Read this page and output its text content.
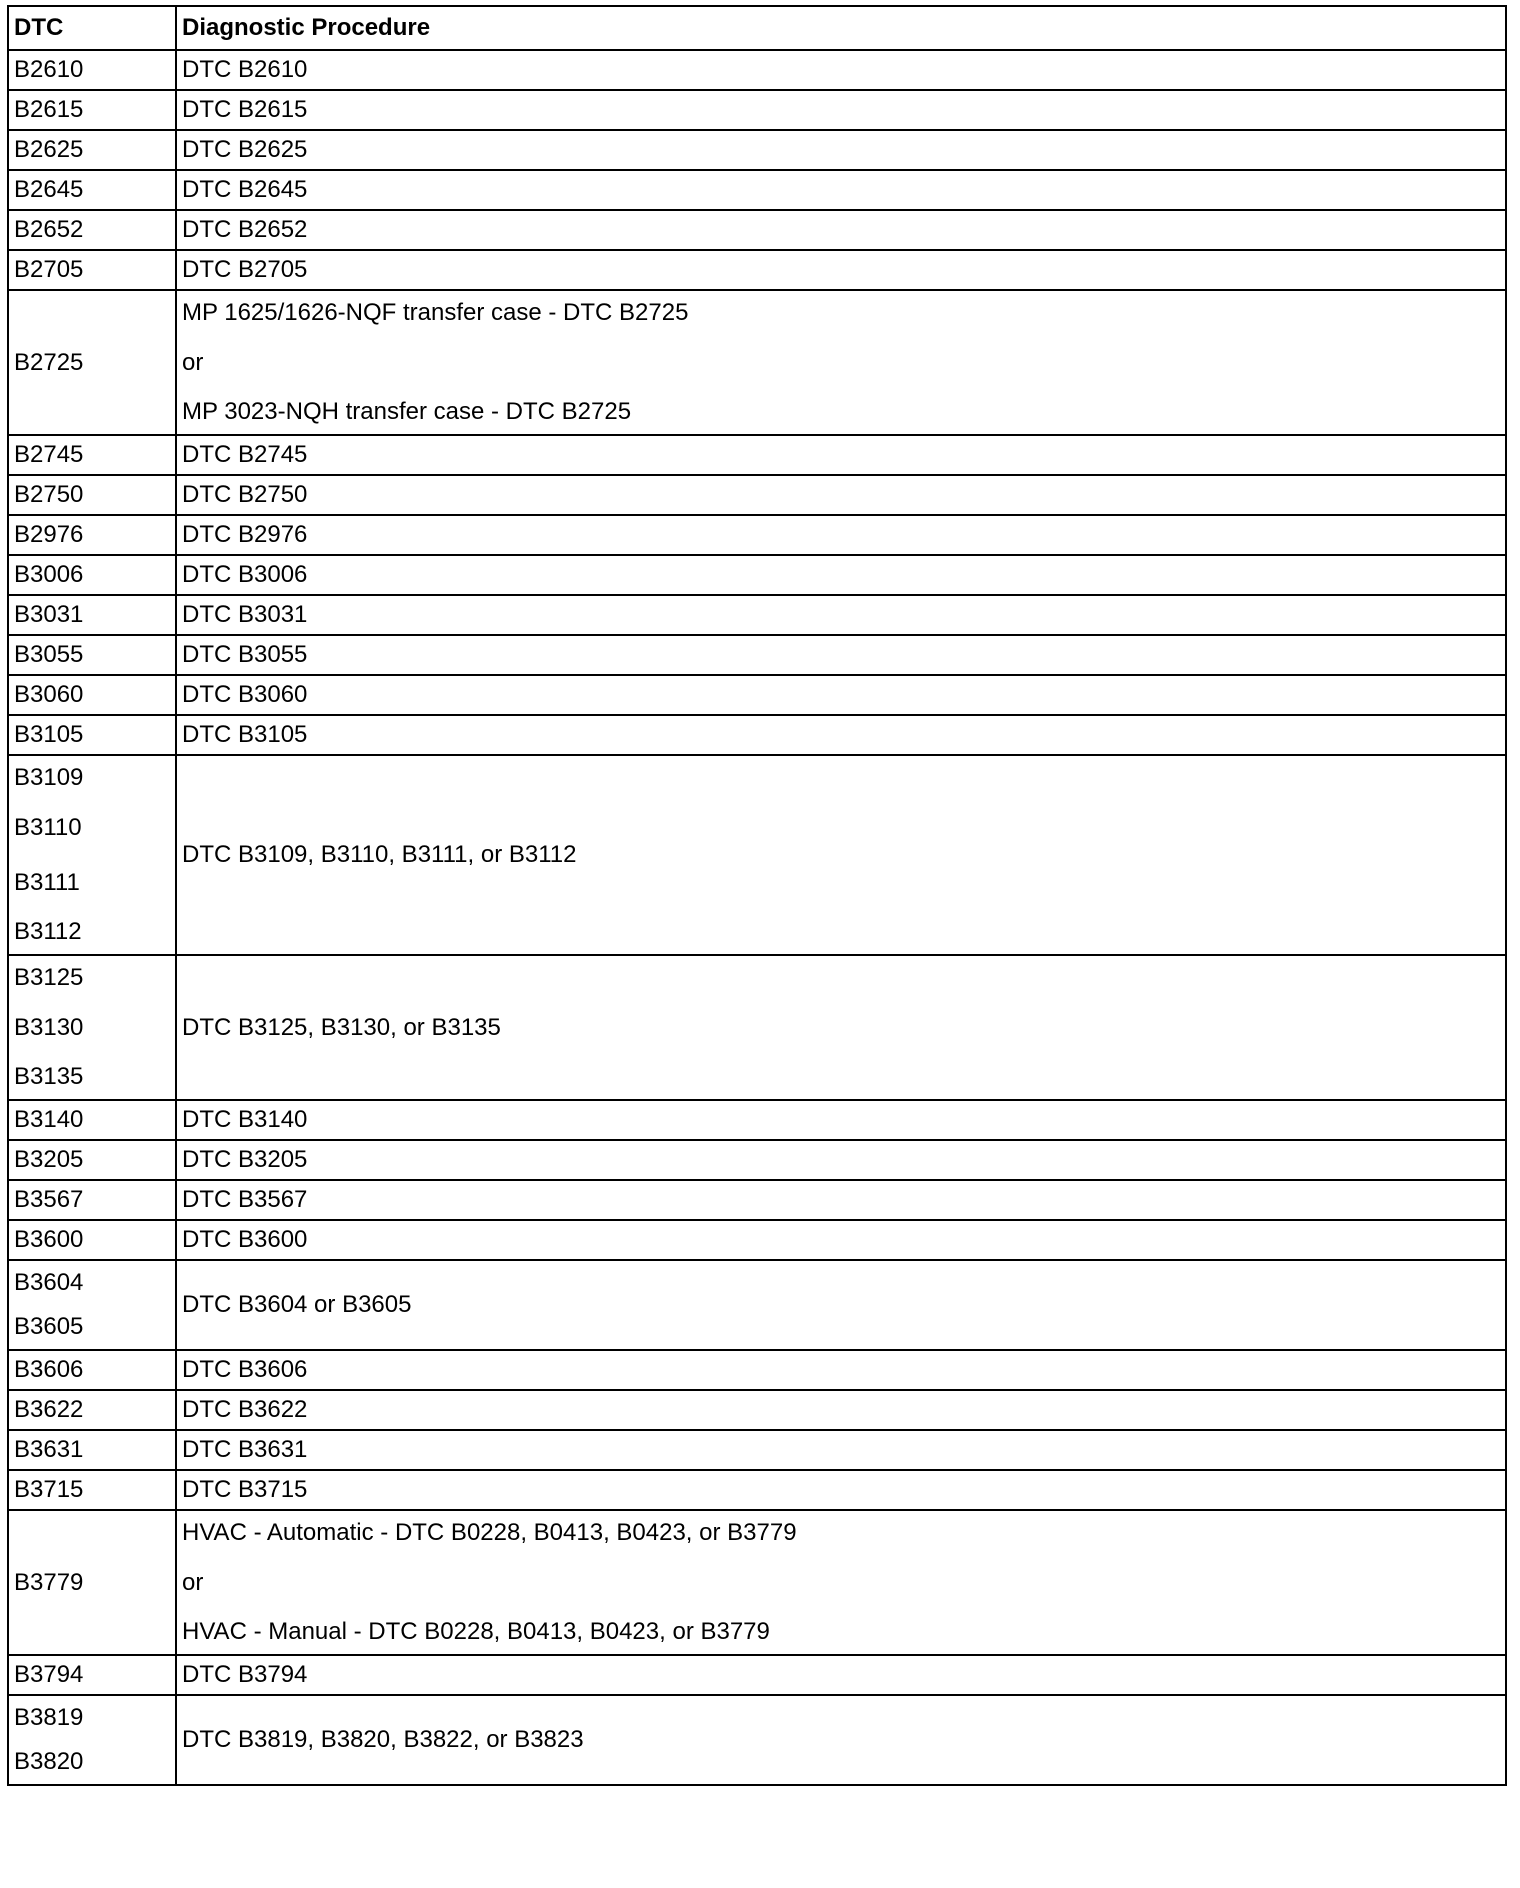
DTC	Diagnostic Procedure
B2610	DTC B2610
B2615	DTC B2615
B2625	DTC B2625
B2645	DTC B2645
B2652	DTC B2652
B2705	DTC B2705
B2725	MP 1625/1626-NQF transfer case - DTC B2725
or
MP 3023-NQH transfer case - DTC B2725

B2745	DTC B2745
B2750	DTC B2750
B2976	DTC B2976
B3006	DTC B3006
B3031	DTC B3031
B3055	DTC B3055
B3060	DTC B3060
B3105	DTC B3105

B3109
B3110
B3111
B3112	DTC B3109, B3110, B3111, or B3112

B3125
B3130
B3135	DTC B3125, B3130, or B3135
B3140	DTC B3140
B3205	DTC B3205
B3567	DTC B3567
B3600	DTC B3600

B3604
B3605	DTC B3604 or B3605
B3606	DTC B3606
B3622	DTC B3622
B3631	DTC B3631
B3715	DTC B3715
B3779	HVAC - Automatic - DTC B0228, B0413, B0423, or B3779
or
HVAC - Manual - DTC B0228, B0413, B0423, or B3779

B3794	DTC B3794

B3819
B3820	DTC B3819, B3820, B3822, or B3823
